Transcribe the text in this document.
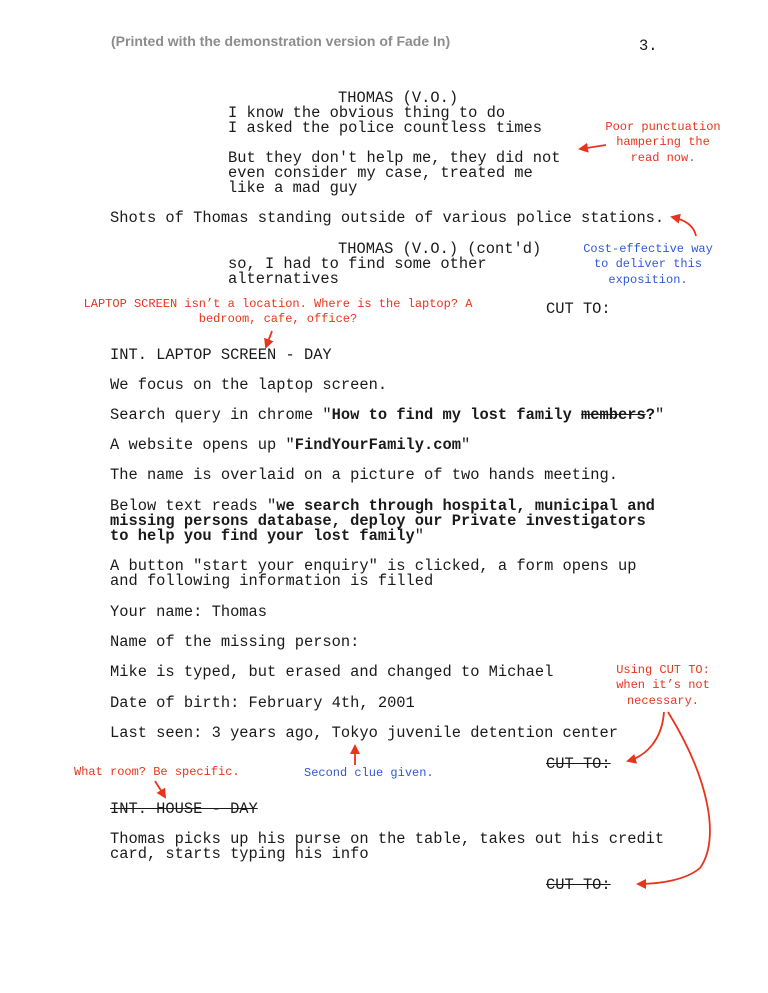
(Printed with the demonstration version of Fade In)	3.
THOMAS (V.O.)
I know the obvious thing to do
I asked the police countless times
But they don't help me, they did not
even consider my case, treated me
like a mad guy
Shots of Thomas standing outside of various police stations.
THOMAS (V.O.) (cont'd)
so, I had to find some other
alternatives
CUT TO:
INT. LAPTOP SCREEN - DAY
We focus on the laptop screen.
Search query in chrome "How to find my lost family members?"
A website opens up "FindYourFamily.com"
The name is overlaid on a picture of two hands meeting.
Below text reads "we search through hospital, municipal and
missing persons database, deploy our Private investigators
to help you find your lost family"
A button "start your enquiry" is clicked, a form opens up
and following information is filled
Your name: Thomas
Name of the missing person:
Mike is typed, but erased and changed to Michael
Date of birth: February 4th, 2001
Last seen: 3 years ago, Tokyo juvenile detention center
CUT TO:
INT. HOUSE - DAY
Thomas picks up his purse on the table, takes out his credit
card, starts typing his info
CUT TO:
Poor punctuation
hampering the
read now.
Cost-effective way
to deliver this
exposition.
LAPTOP SCREEN isn’t a location. Where is the laptop? A
bedroom, cafe, office?
Using CUT TO:
when it’s not
necessary.
What room? Be specific.	Second clue given.
